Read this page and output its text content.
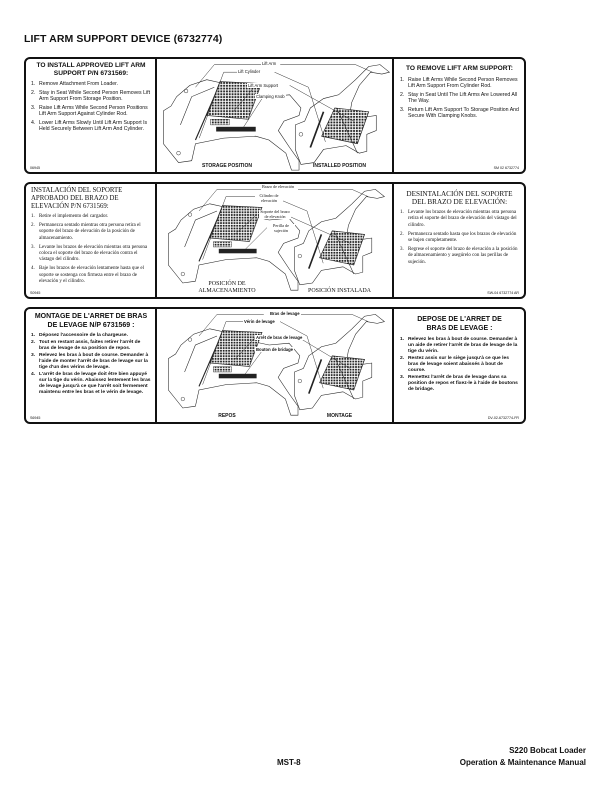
LIFT ARM SUPPORT DEVICE (6732774)
TO INSTALL APPROVED LIFT ARM SUPPORT P/N 6731569:
1. Remove Attachment From Loader.
2. Stay in Seat While Second Person Removes Lift Arm Support From Storage Position.
3. Raise Lift Arms While Second Person Positions Lift Arm Support Against Cylinder Rod.
4. Lower Lift Arms Slowly Until Lift Arm Support Is Held Securely Between Lift Arm And Cylinder.
06945
Lift Arm
Lift Cylinder
Lift Arm Support
Clamping Knob
STORAGE POSITION	INSTALLED POSITION
TO REMOVE LIFT ARM SUPPORT:
1. Raise Lift Arms While Second Person Removes Lift Arm Support From Cylinder Rod.
2. Stay in Seat Until The Lift Arms Are Lowered All The Way.
3. Return Lift Arm Support To Storage Position And Secure With Clamping Knobs.
SM 02 6732774
INSTALACIÓN DEL SOPORTE APROBADO DEL BRAZO DE ELEVACIÓN P/N 6731569:
1. Retire el implemento del cargador.
2. Permanezca sentado mientras otra persona retira el soporte del brazo de elevación de la posición de almacenamiento.
3. Levante los brazos de elevación mientras otra persona coloca el soporte del brazo de elevación contra el vástago del cilindro.
4. Baje los brazos de elevación lentamente hasta que el soporte se sostenga con firmeza entre el brazo de elevación y el cilindro.
S0945
Brazo de elevación
Cilindro de elevación
Soporte del brazo de elevación
Perilla de sujeción
POSICIÓN DE ALMACENAMIENTO	POSICIÓN INSTALADA
DESINTALACIÓN DEL SOPORTE DEL BRAZO DE ELEVACIÓN:
1. Levante los brazos de elevación mientras otra persona retira el soporte del brazo de elevación del vástago del cilindro.
2. Permanezca sentado hasta que los brazos de elevación se bajen completamente.
3. Regrese el soporte del brazo de elevación a la posición de almacenamiento y asegúrelo con las perillas de sujeción.
SW-04 6732774 AR
MONTAGE DE L'ARRET DE BRAS DE LEVAGE N/P 6731569 :
1. Déposez l'accessoire de la chargeuse.
2. Tout en restant assis, faites retirer l'arrêt de bras de levage de sa position de repos.
3. Relevez les bras à bout de course. Demander à l'aide de monter l'arrêt de bras de levage sur la tige d'un des vérins de levage.
4. L'arrêt de bras de levage doit être bien appuyé sur la tige du vérin. Abaissez lentement les bras de levage jusqu'à ce que l'arrêt soit fermement maintenu entre les bras et le vérin de levage.
S6945
Bras de levage
Vérin de levage
Arrêt de bras de levage
Bouton de bridage
REPOS	MONTAGE
DEPOSE DE L'ARRET DE BRAS DE LEVAGE :
1. Relevez les bras à bout de course. Demander à un aide de retirer l'arrêt de bras de levage de la tige du vérin.
2. Restez assis sur le siège jusqu'à ce que les bras de levage soient abaissés à bout de course.
3. Remettez l'arrêt de bras de levage dans sa position de repos et fixez-le à l'aide de boutons de bridage.
DV-02-6732774-FR
MST-8
S220 Bobcat Loader
Operation & Maintenance Manual
